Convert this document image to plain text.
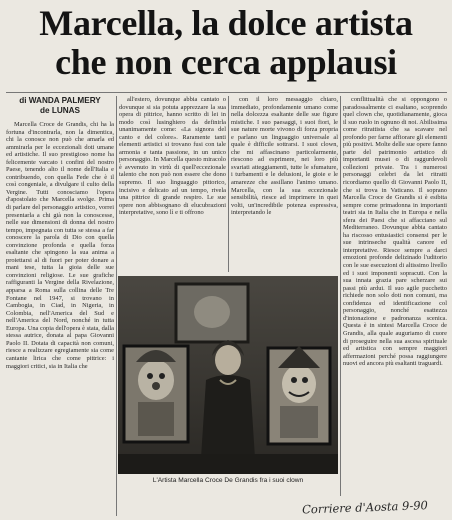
Marcella, la dolce artista
che non cerca applausi
di WANDA PALMERY
de LUNAS

Marcella Croce de Grandis, chi ha la fortuna d'incontrarla, non la dimentica, chi la conosce non può che amarla ed ammirarla per le eccezionali doti umane ed artistiche. Il suo prestigioso nome ha felicemente varcato i confini del nostro Paese, tenendo alto il nome dell'Italia e contribuendo, con quella Fede che è il così congeniale, a divulgare il culto della Vergine. Tutti conosciamo l'opera d'apostolato che Marcella svolge. Prima di parlare del personaggio artistico, vorrei presentarla a chi già non la conoscesse, nelle sue dimensioni di donna del nostro tempo, impegnata con tutta se stessa a far conoscere la parola di Dio con quella convinzione profonda e quella forza esaltante che spingono la sua anima a proiettarsi al di fuori per poter donare a mani tese, tutta la gioia delle sue convinzioni religiose. Le sue grafiche raffiguranti la Vergine della Rivelazione, apparsa a Roma sulla collina delle Tre Fontane nel 1947, si trovano in Cambogia, in Ciad, in Nigeria, in Colombia, nell'America del Sud e nell'America del Nord, nonché in tutta Europa. Una copia dell'opera è stata, dalla stessa autrice, donata al papa Giovanni Paolo II. Dotata di capacità non comuni, riesce a realizzare egregiamente sia come cantante lirica che come pittrice: i maggiori critici, sia in Italia che

all'estero, dovunque abbia cantato o dovunque si sia potuta apprezzare la sua opera di pittrice, hanno scritto di lei in modo così lusinghiero da definirla unanimamente come: «La signora del canto e del colore». Raramente tanti elementi artistici si trovano fusi con tale armonia e tanta passione, in un unico personaggio. In Marcella questo miracolo è avvenuto in virtù di quell'eccezionale talento che non può non essere che dono supremo. Il suo linguaggio pittorico, incisivo e delicato ad un tempo, rivela una pittrice di grande respiro. Le sue opere non abbisognano di elucubrazioni interpretative, sono lì e ti offrono

con il loro messaggio chiaro, immediato, profondamente umano come nella dolcezza esaltante delle sue figure mistiche. I suo paesaggi, i suoi fiori, le sue nature morte vivono di forza propria e parlano un linguaggio universale al quale è difficile sottrarsi. I suoi clown, che mi affascinano particolarmente, riescono ad esprimere, nei loro più svariati atteggiamenti, tutte le sfumature, i turbamenti e le delusioni, le gioie e le amarezze che assillano l'animo umano. Marcella, con la sua eccezionale sensibilità, riesce ad imprimere in quei volti, un'incredibile potenza espressiva, interpretando le

conflittualità che si oppongono o paradossalmente ci esaltano, scoprendo quel clown che, quotidianamente, gioca il suo ruolo in ognuno di noi. Abilissima come ritrattista che sa scavare nel profondo per farne affiorare gli elementi più positivi. Molte delle sue opere fanno parte del patrimonio artistico di importanti musei o di raggurdevoli collezioni private. Tra i numerosi personaggi celebri da lei ritratti ricordiamo quello di Giovanni Paolo II, che si trova in Vaticano. Il soprano Marcella Croce de Grandis si è esibita sempre come primadonna in importanti teatri sia in Italia che in Europa e nella sfera dei Paesi che si affacciano sul Mediterraneo. Dovunque abbia cantato ha riscosso entusiastici consensi per le sue intrinseche qualità canore ed interpretative. Riesce sempre a darci emozioni profonde delizinado l'uditorio con le sue esecuzioni di altissimo livello ed i suoi imponenti sopracuti. Con la sua innata grazia pare scherzare sui passi più ardui. Il suo agile pucchetto richiede non solo doti non comuni, ma confidenza ed identificazione col personaggio, nonché esattezza d'intonazione e padronanza scenica. Questa è in sintesi Marcella Croce de Grandis, alla quale auguriamo di cuore di proseguire nella sua ascesa spirituale ed artistica con sempre maggiori affermazioni perché possa raggiungere nuovi ed ancora più esaltanti traguardi.

L'Artista Marcella Croce De Grandis fra i suoi clown
Corriere d'Aosta 9-90
